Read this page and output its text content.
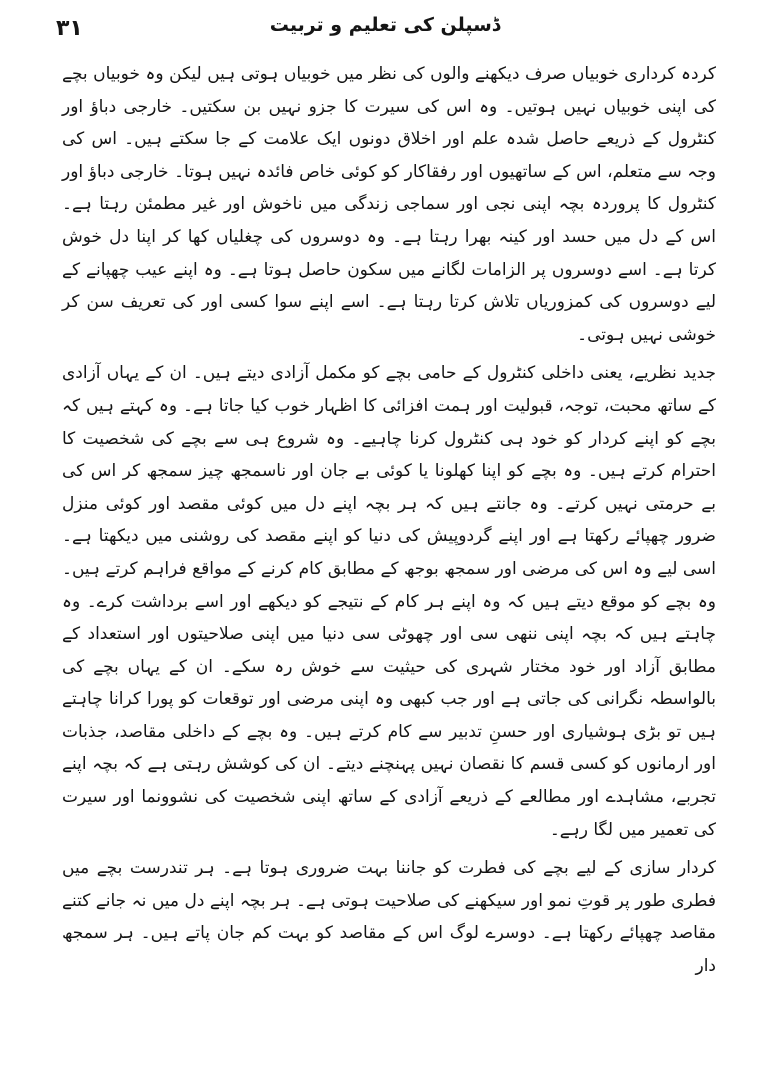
۳۱	ڈسپلن کی تعلیم و تربیت

کردہ کرداری خوبیاں صرف دیکھنے والوں کی نظر میں خوبیاں ہوتی ہیں لیکن وہ خوبیاں بچے کی اپنی خوبیاں نہیں ہوتیں۔ وہ اس کی سیرت کا جزو نہیں بن سکتیں۔ خارجی دباؤ اور کنٹرول کے ذریعے حاصل شدہ علم اور اخلاق دونوں ایک علامت کے جا سکتے ہیں۔ اس کی وجہ سے متعلم، اس کے ساتھیوں اور رفقاکار کو کوئی خاص فائدہ نہیں ہوتا۔ خارجی دباؤ اور کنٹرول کا پروردہ بچہ اپنی نجی اور سماجی زندگی میں ناخوش اور غیر مطمئن رہتا ہے۔ اس کے دل میں حسد اور کینہ بھرا رہتا ہے۔ وہ دوسروں کی چغلیاں کھا کر اپنا دل خوش کرتا ہے۔ اسے دوسروں پر الزامات لگانے میں سکون حاصل ہوتا ہے۔ وہ اپنے عیب چھپانے کے لیے دوسروں کی کمزوریاں تلاش کرتا رہتا ہے۔ اسے اپنے سوا کسی اور کی تعریف سن کر خوشی نہیں ہوتی۔

جدید نظریے، یعنی داخلی کنٹرول کے حامی بچے کو مکمل آزادی دیتے ہیں۔ ان کے یہاں آزادی کے ساتھ محبت، توجہ، قبولیت اور ہمت افزائی کا اظہار خوب کیا جاتا ہے۔ وہ کہتے ہیں کہ بچے کو اپنے کردار کو خود ہی کنٹرول کرنا چاہیے۔ وہ شروع ہی سے بچے کی شخصیت کا احترام کرتے ہیں۔ وہ بچے کو اپنا کھلونا یا کوئی بے جان اور ناسمجھ چیز سمجھ کر اس کی بے حرمتی نہیں کرتے۔ وہ جانتے ہیں کہ ہر بچہ اپنے دل میں کوئی مقصد اور کوئی منزل ضرور چھپائے رکھتا ہے اور اپنے گردوپیش کی دنیا کو اپنے مقصد کی روشنی میں دیکھتا ہے۔ اسی لیے وہ اس کی مرضی اور سمجھ بوجھ کے مطابق کام کرنے کے مواقع فراہم کرتے ہیں۔ وہ بچے کو موقع دیتے ہیں کہ وہ اپنے ہر کام کے نتیجے کو دیکھے اور اسے برداشت کرے۔ وہ چاہتے ہیں کہ بچہ اپنی ننھی سی اور چھوٹی سی دنیا میں اپنی صلاحیتوں اور استعداد کے مطابق آزاد اور خود مختار شہری کی حیثیت سے خوش رہ سکے۔ ان کے یہاں بچے کی بالواسطہ نگرانی کی جاتی ہے اور جب کبھی وہ اپنی مرضی اور توقعات کو پورا کرانا چاہتے ہیں تو بڑی ہوشیاری اور حسنِ تدبیر سے کام کرتے ہیں۔ وہ بچے کے داخلی مقاصد، جذبات اور ارمانوں کو کسی قسم کا نقصان نہیں پہنچنے دیتے۔ ان کی کوشش رہتی ہے کہ بچہ اپنے تجربے، مشاہدے اور مطالعے کے ذریعے آزادی کے ساتھ اپنی شخصیت کی نشوونما اور سیرت کی تعمیر میں لگا رہے۔

کردار سازی کے لیے بچے کی فطرت کو جاننا بہت ضروری ہوتا ہے۔ ہر تندرست بچے میں فطری طور پر قوتِ نمو اور سیکھنے کی صلاحیت ہوتی ہے۔ ہر بچہ اپنے دل میں نہ جانے کتنے مقاصد چھپائے رکھتا ہے۔ دوسرے لوگ اس کے مقاصد کو بہت کم جان پاتے ہیں۔ ہر سمجھ دار
